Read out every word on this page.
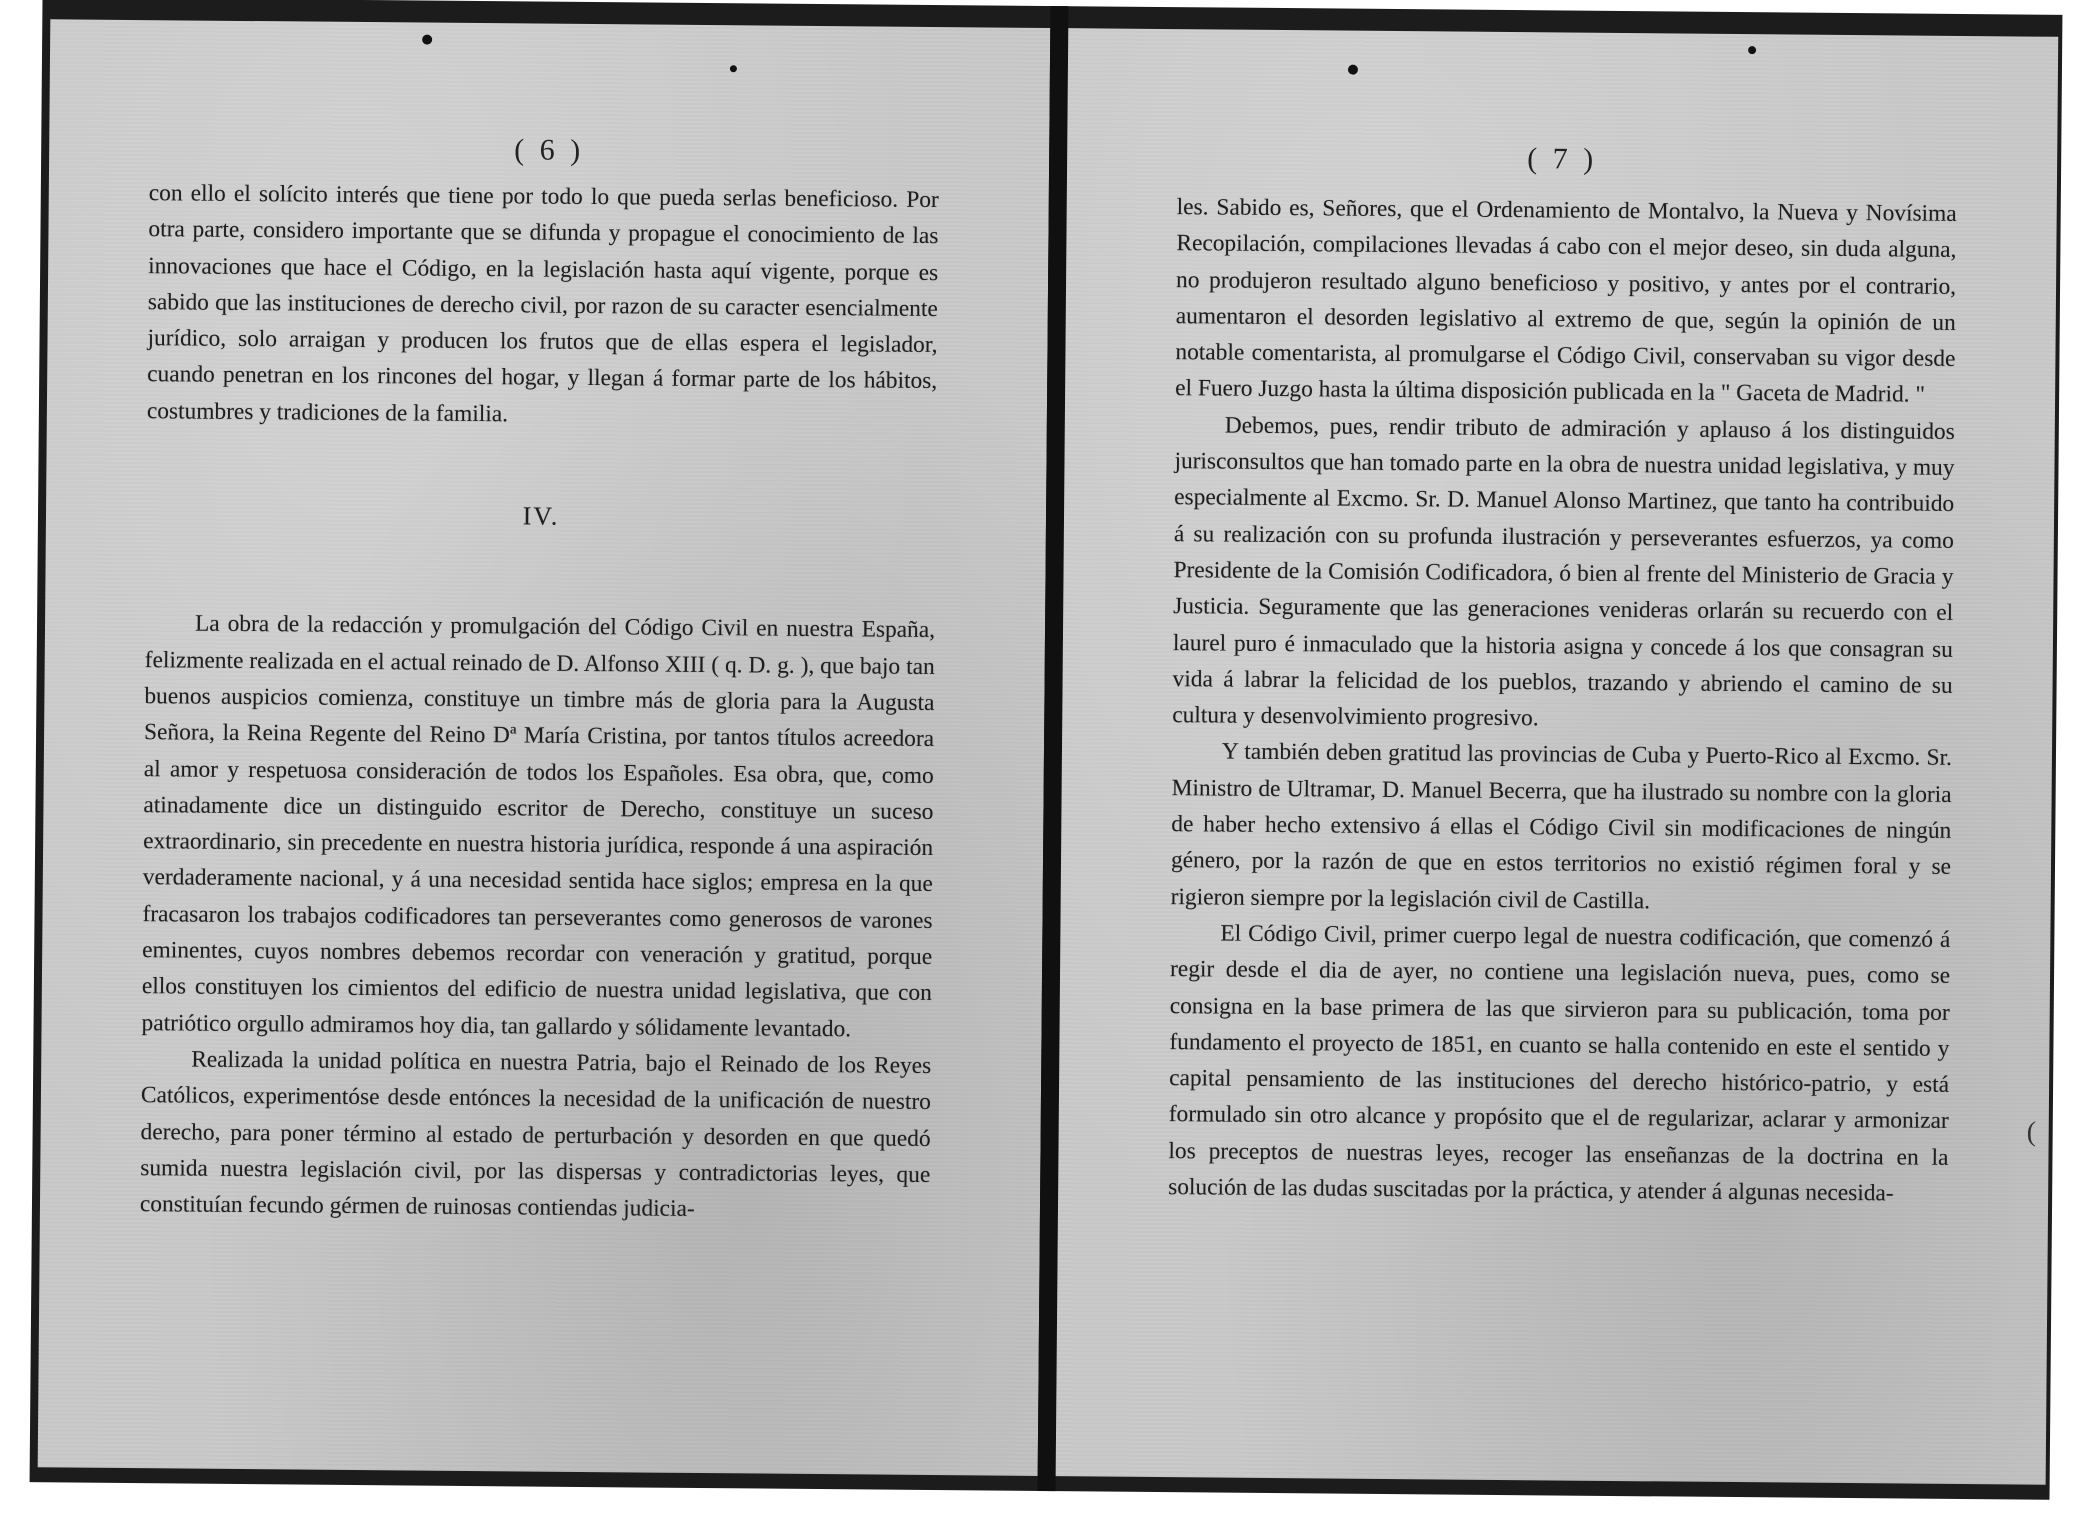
( 6 )

con ello el solícito interés que tiene por todo lo que pueda serlas beneficioso. Por otra parte, considero importante que se difunda y propague el conocimiento de las innovaciones que hace el Código, en la legislación hasta aquí vigente, porque es sabido que las instituciones de derecho civil, por razon de su caracter esencialmente jurídico, solo arraigan y producen los frutos que de ellas espera el legislador, cuando penetran en los rincones del hogar, y llegan á formar parte de los hábitos, costumbres y tradiciones de la familia.

IV.

La obra de la redacción y promulgación del Código Civil en nuestra España, felizmente realizada en el actual reinado de D. Alfonso XIII ( q. D. g. ), que bajo tan buenos auspicios comienza, constituye un timbre más de gloria para la Augusta Señora, la Reina Regente del Reino Dª María Cristina, por tantos títulos acreedora al amor y respetuosa consideración de todos los Españoles. Esa obra, que, como atinadamente dice un distinguido escritor de Derecho, constituye un suceso extraordinario, sin precedente en nuestra historia jurídica, responde á una aspiración verdaderamente nacional, y á una necesidad sentida hace siglos; empresa en la que fracasaron los trabajos codificadores tan perseverantes como generosos de varones eminentes, cuyos nombres debemos recordar con veneración y gratitud, porque ellos constituyen los cimientos del edificio de nuestra unidad legislativa, que con patriótico orgullo admiramos hoy dia, tan gallardo y sólidamente levantado.

Realizada la unidad política en nuestra Patria, bajo el Reinado de los Reyes Católicos, experimentóse desde entónces la necesidad de la unificación de nuestro derecho, para poner término al estado de perturbación y desorden en que quedó sumida nuestra legislación civil, por las dispersas y contradictorias leyes, que constituían fecundo gérmen de ruinosas contiendas judicia-

(
( 7 )

les. Sabido es, Señores, que el Ordenamiento de Montalvo, la Nueva y Novísima Recopilación, compilaciones llevadas á cabo con el mejor deseo, sin duda alguna, no produjeron resultado alguno beneficioso y positivo, y antes por el contrario, aumentaron el desorden legislativo al extremo de que, según la opinión de un notable comentarista, al promulgarse el Código Civil, conservaban su vigor desde el Fuero Juzgo hasta la última disposición publicada en la " Gaceta de Madrid. "

Debemos, pues, rendir tributo de admiración y aplauso á los distinguidos jurisconsultos que han tomado parte en la obra de nuestra unidad legislativa, y muy especialmente al Excmo. Sr. D. Manuel Alonso Martinez, que tanto ha contribuido á su realización con su profunda ilustración y perseverantes esfuerzos, ya como Presidente de la Comisión Codificadora, ó bien al frente del Ministerio de Gracia y Justicia. Seguramente que las generaciones venideras orlarán su recuerdo con el laurel puro é inmaculado que la historia asigna y concede á los que consagran su vida á labrar la felicidad de los pueblos, trazando y abriendo el camino de su cultura y desenvolvimiento progresivo.

Y también deben gratitud las provincias de Cuba y Puerto-Rico al Excmo. Sr. Ministro de Ultramar, D. Manuel Becerra, que ha ilustrado su nombre con la gloria de haber hecho extensivo á ellas el Código Civil sin modificaciones de ningún género, por la razón de que en estos territorios no existió régimen foral y se rigieron siempre por la legislación civil de Castilla.

El Código Civil, primer cuerpo legal de nuestra codificación, que comenzó á regir desde el dia de ayer, no contiene una legislación nueva, pues, como se consigna en la base primera de las que sirvieron para su publicación, toma por fundamento el proyecto de 1851, en cuanto se halla contenido en este el sentido y capital pensamiento de las instituciones del derecho histórico-patrio, y está formulado sin otro alcance y propósito que el de regularizar, aclarar y armonizar los preceptos de nuestras leyes, recoger las enseñanzas de la doctrina en la solución de las dudas suscitadas por la práctica, y atender á algunas necesida-
